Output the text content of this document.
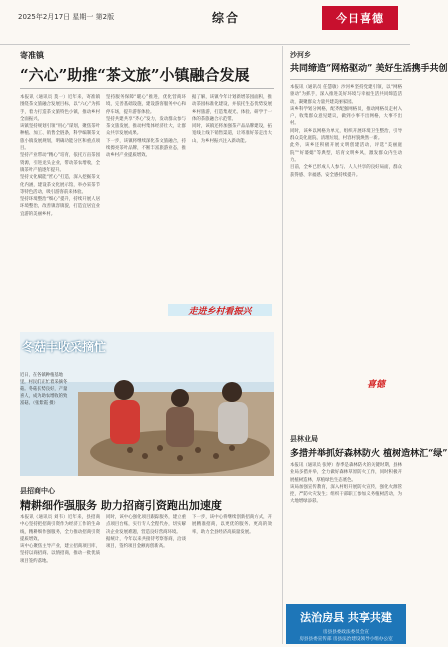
2025年2月17日 星期一 第2版	综合	今日喜德
寄准镇
“六心”助推“茶文旅”小镇融合发展

本报讯（通讯员 莫一）近年来，寄准镇围绕茶文旅融合发展目标，以“六心”为抓手，着力打造茶文旅特色小镇，推动乡村全面振兴。

该镇坚持规划引领“用心”谋划，聚焦茶叶种植、加工、销售全链条，科学编制茶文旅小镇发展规划，明确功能分区和重点项目。

坚持产业带动“精心”培育，依托万亩茶园资源，引进龙头企业，带动茶农增收，全镇茶叶产值逐年提升。

坚持文化赋能“匠心”打造，深入挖掘茶文化内涵，建设茶文化展示馆，举办采茶节等特色活动，吸引游客前来体验。

坚持环境整治“细心”提升，持续开展人居环境整治，改善镇容镇貌，打造宜居宜业宜游的美丽乡村。

坚持服务保障“暖心”推进，优化营商环境，完善基础设施，建设游客服务中心和停车场，提升游客体验。

坚持共建共享“齐心”发力，发动群众参与茶文旅发展，推动村集体经济壮大，让群众共享发展成果。

下一步，该镇将继续深化茶文旅融合，持续擦亮茶叶品牌，不断丰富旅游业态，推动乡村产业提质增效。

据了解，该镇今年计划新增茶园面积，推动茶园标准化建设，并依托生态优势发展乡村旅游，打造集观光、体验、研学于一体的茶旅融合示范带。

同时，该镇还将加强茶产品品牌建设，拓宽线上线下销售渠道，让寄准好茶走出大山，为乡村振兴注入新动能。

走进乡村看振兴
冬菇丰收采摘忙
近日，在各镇种植基地里，村民们正忙着采摘冬菇。冬菇长势良好，产量喜人，成为助农增收的致富菇。（张紫霞 摄）
县招商中心
精耕细作强服务 助力招商引资跑出加速度

本报讯（通讯员 刘韦）近年来，县招商中心坚持把招商引资作为经济工作的生命线，精耕细作强服务，全力推动招商引资提质增效。

该中心聚焦主导产业，建立招商项目库，坚持以商招商、以情招商，推动一批优质项目签约落地。

同时，该中心强化项目跟踪服务，建立重点项目台账，实行专人全程代办，切实解决企业发展难题，营造良好营商环境。

据统计，今年以来共接待考察客商，洽谈项目，签约项目金额再创新高。

下一步，该中心将继续创新招商方式，开展精准招商，以更优的服务、更高的效率，助力全县经济高质量发展。

沙河乡
共同缔造“网格驱动” 美好生活携手共创

本报讯（通讯员 任慧敏）沙河乡坚持党建引领，以“网格驱动”为抓手，深入推进美好环境与幸福生活共同缔造活动，凝聚群众力量共建美丽家园。

该乡科学划分网格，配齐配强网格员，推动网格员走村入户，收集群众意见建议，做到小事不出网格，大事不出村。

同时，该乡以网格为单元，组织开展环境卫生整治，引导群众美化庭院、清理垃圾，村容村貌焕然一新。

此外，该乡还积极开展文明创建活动，评选“美丽庭院”“好婆媳”等典型，培育文明乡风，激发群众内生动力。

目前，全乡已形成人人参与、人人共享的良好局面，群众获得感、幸福感、安全感持续提升。

喜德
县林业局
多措并举抓好森林防火 植树造林汇“绿”

本报讯（通讯员 张婷）春季是森林防火的关键时期，县林业局多措并举，全力做好森林草原防火工作，同时积极开展植树造林，厚植绿色生态底色。

该局加强宣传教育，深入村组开展防火宣传，强化火源管控，严防火灾发生；组织干部职工参加义务植树活动，为大地增绿添彩。

法治房县 共享共建
房县县委政法委员会宣
房县县委宣传部 房县法治建设领导小组办公室
